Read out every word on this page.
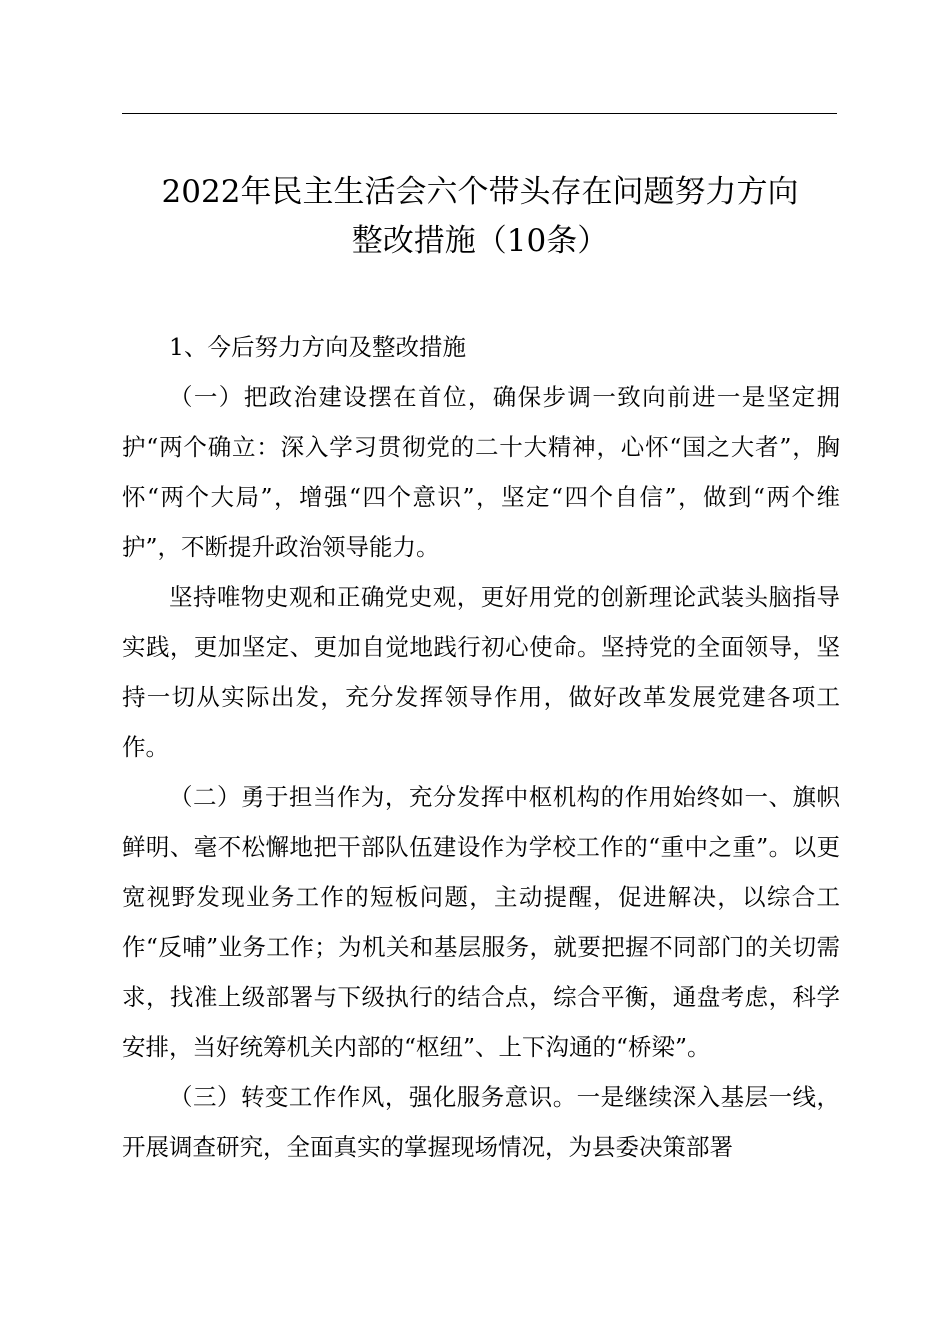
2022年民主生活会六个带头存在问题努力方向
整改措施（10条）

1、今后努力方向及整改措施

（一）把政治建设摆在首位，确保步调一致向前进一是坚定拥护“两个确立：深入学习贯彻党的二十大精神，心怀“国之大者”，胸怀“两个大局”，增强“四个意识”，坚定“四个自信”，做到“两个维护”，不断提升政治领导能力。

坚持唯物史观和正确党史观，更好用党的创新理论武装头脑指导实践，更加坚定、更加自觉地践行初心使命。坚持党的全面领导，坚持一切从实际出发，充分发挥领导作用，做好改革发展党建各项工作。

（二）勇于担当作为，充分发挥中枢机构的作用始终如一、旗帜鲜明、毫不松懈地把干部队伍建设作为学校工作的“重中之重”。以更宽视野发现业务工作的短板问题，主动提醒，促进解决，以综合工作“反哺”业务工作；为机关和基层服务，就要把握不同部门的关切需求，找准上级部署与下级执行的结合点，综合平衡，通盘考虑，科学安排，当好统筹机关内部的“枢纽”、上下沟通的“桥梁”。

（三）转变工作作风，强化服务意识。一是继续深入基层一线，开展调查研究，全面真实的掌握现场情况，为县委决策部署
